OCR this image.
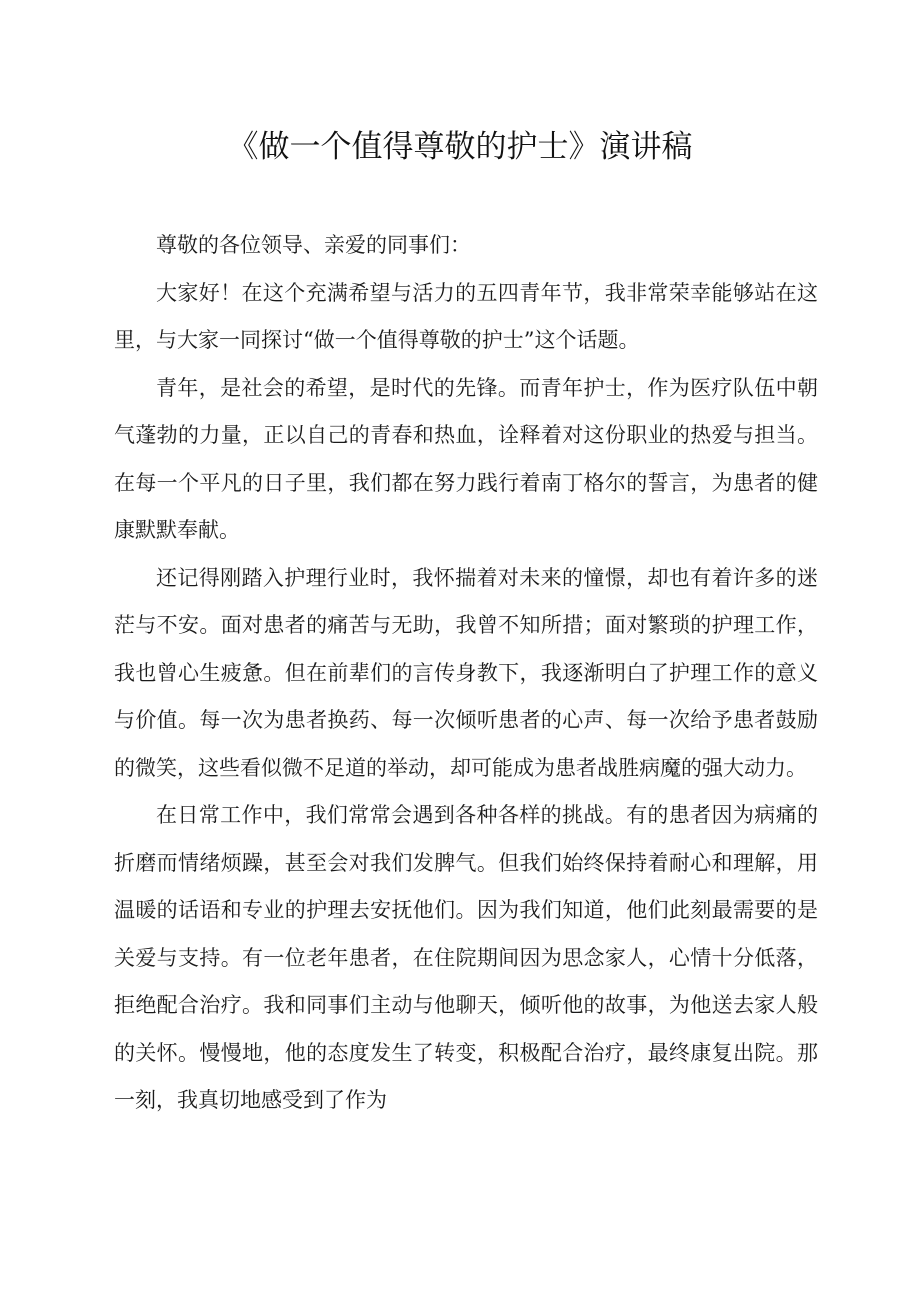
《做一个值得尊敬的护士》演讲稿

尊敬的各位领导、亲爱的同事们：

大家好！在这个充满希望与活力的五四青年节，我非常荣幸能够站在这里，与大家一同探讨“做一个值得尊敬的护士”这个话题。

青年，是社会的希望，是时代的先锋。而青年护士，作为医疗队伍中朝气蓬勃的力量，正以自己的青春和热血，诠释着对这份职业的热爱与担当。在每一个平凡的日子里，我们都在努力践行着南丁格尔的誓言，为患者的健康默默奉献。

还记得刚踏入护理行业时，我怀揣着对未来的憧憬，却也有着许多的迷茫与不安。面对患者的痛苦与无助，我曾不知所措；面对繁琐的护理工作，我也曾心生疲惫。但在前辈们的言传身教下，我逐渐明白了护理工作的意义与价值。每一次为患者换药、每一次倾听患者的心声、每一次给予患者鼓励的微笑，这些看似微不足道的举动，却可能成为患者战胜病魔的强大动力。

在日常工作中，我们常常会遇到各种各样的挑战。有的患者因为病痛的折磨而情绪烦躁，甚至会对我们发脾气。但我们始终保持着耐心和理解，用温暖的话语和专业的护理去安抚他们。因为我们知道，他们此刻最需要的是关爱与支持。有一位老年患者，在住院期间因为思念家人，心情十分低落，拒绝配合治疗。我和同事们主动与他聊天，倾听他的故事，为他送去家人般的关怀。慢慢地，他的态度发生了转变，积极配合治疗，最终康复出院。那一刻，我真切地感受到了作为
